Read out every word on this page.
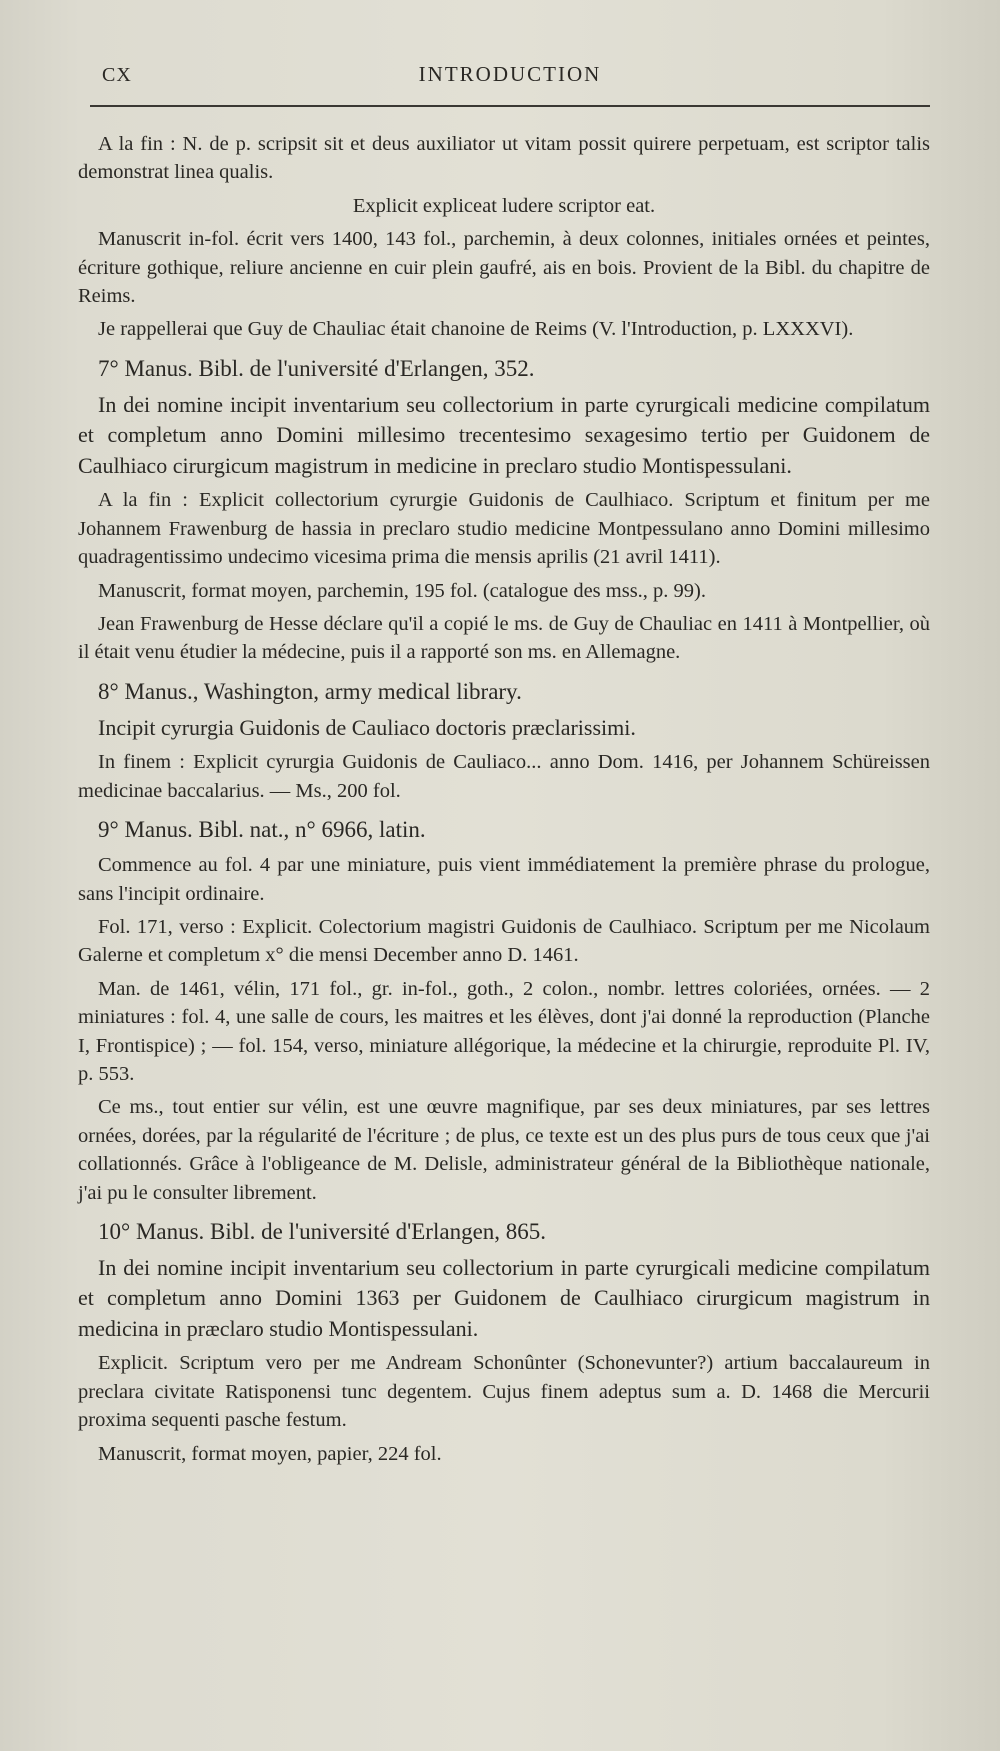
CX	INTRODUCTION

A la fin : N. de p. scripsit sit et deus auxiliator ut vitam possit quirere perpetuam, est scriptor talis demonstrat linea qualis.

Explicit expliceat ludere scriptor eat.

Manuscrit in-fol. écrit vers 1400, 143 fol., parchemin, à deux colonnes, initiales ornées et peintes, écriture gothique, reliure ancienne en cuir plein gaufré, ais en bois. Provient de la Bibl. du chapitre de Reims.

Je rappellerai que Guy de Chauliac était chanoine de Reims (V. l'Introduction, p. LXXXVI).

7° Manus. Bibl. de l'université d'Erlangen, 352.

In dei nomine incipit inventarium seu collectorium in parte cyrurgicali medicine compilatum et completum anno Domini millesimo trecentesimo sexagesimo tertio per Guidonem de Caulhiaco cirurgicum magistrum in medicine in preclaro studio Montispessulani.

A la fin : Explicit collectorium cyrurgie Guidonis de Caulhiaco. Scriptum et finitum per me Johannem Frawenburg de hassia in preclaro studio medicine Montpessulano anno Domini millesimo quadragentissimo undecimo vicesima prima die mensis aprilis (21 avril 1411).

Manuscrit, format moyen, parchemin, 195 fol. (catalogue des mss., p. 99).

Jean Frawenburg de Hesse déclare qu'il a copié le ms. de Guy de Chauliac en 1411 à Montpellier, où il était venu étudier la médecine, puis il a rapporté son ms. en Allemagne.

8° Manus., Washington, army medical library.

Incipit cyrurgia Guidonis de Cauliaco doctoris præclarissimi.

In finem : Explicit cyrurgia Guidonis de Cauliaco... anno Dom. 1416, per Johannem Schüreissen medicinae baccalarius. — Ms., 200 fol.

9° Manus. Bibl. nat., n° 6966, latin.

Commence au fol. 4 par une miniature, puis vient immédiatement la première phrase du prologue, sans l'incipit ordinaire.

Fol. 171, verso : Explicit. Colectorium magistri Guidonis de Caulhiaco. Scriptum per me Nicolaum Galerne et completum x° die mensi December anno D. 1461.

Man. de 1461, vélin, 171 fol., gr. in-fol., goth., 2 colon., nombr. lettres coloriées, ornées. — 2 miniatures : fol. 4, une salle de cours, les maitres et les élèves, dont j'ai donné la reproduction (Planche I, Frontispice) ; — fol. 154, verso, miniature allégorique, la médecine et la chirurgie, reproduite Pl. IV, p. 553.

Ce ms., tout entier sur vélin, est une œuvre magnifique, par ses deux miniatures, par ses lettres ornées, dorées, par la régularité de l'écriture ; de plus, ce texte est un des plus purs de tous ceux que j'ai collationnés. Grâce à l'obligeance de M. Delisle, administrateur général de la Bibliothèque nationale, j'ai pu le consulter librement.

10° Manus. Bibl. de l'université d'Erlangen, 865.

In dei nomine incipit inventarium seu collectorium in parte cyrurgicali medicine compilatum et completum anno Domini 1363 per Guidonem de Caulhiaco cirurgicum magistrum in medicina in præclaro studio Montispessulani.

Explicit. Scriptum vero per me Andream Schonûnter (Schonevunter?) artium baccalaureum in preclara civitate Ratisponensi tunc degentem. Cujus finem adeptus sum a. D. 1468 die Mercurii proxima sequenti pasche festum.

Manuscrit, format moyen, papier, 224 fol.
